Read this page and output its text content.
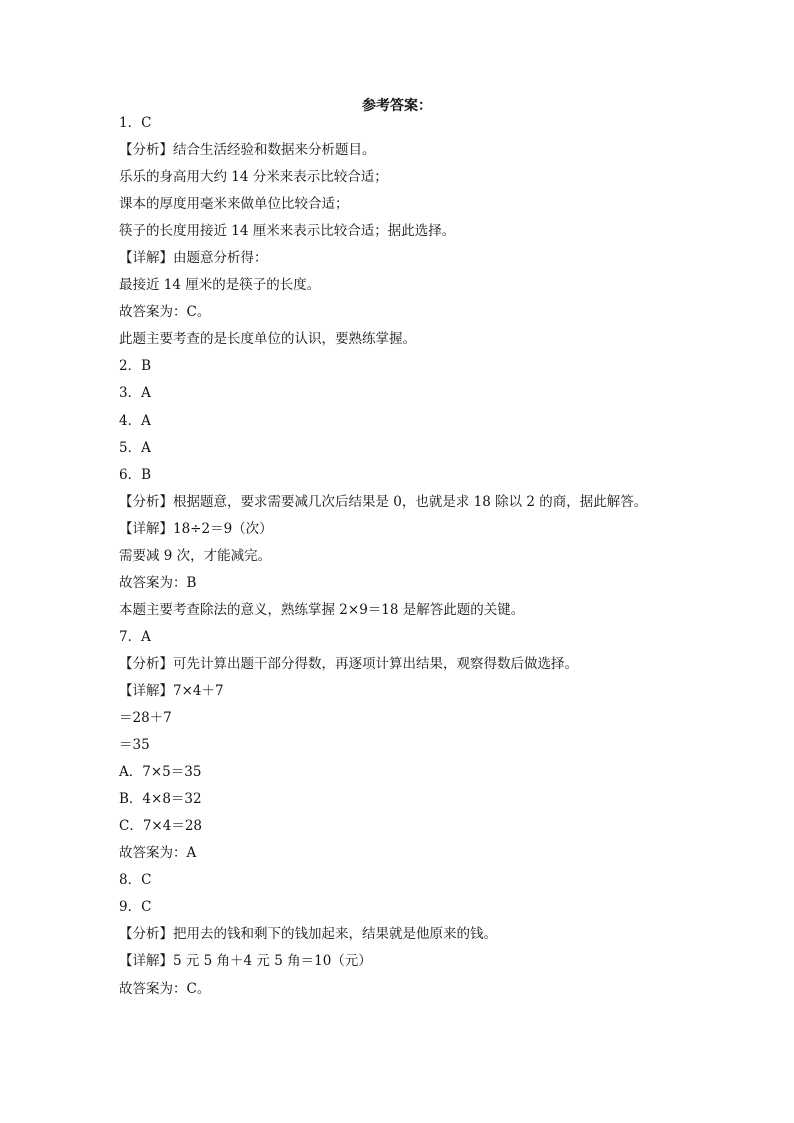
参考答案：
1．C
【分析】结合生活经验和数据来分析题目。
乐乐的身高用大约 14 分米来表示比较合适；
课本的厚度用毫米来做单位比较合适；
筷子的长度用接近 14 厘米来表示比较合适；据此选择。
【详解】由题意分析得：
最接近 14 厘米的是筷子的长度。
故答案为：C。
此题主要考查的是长度单位的认识，要熟练掌握。
2．B
3．A
4．A
5．A
6．B
【分析】根据题意，要求需要减几次后结果是 0，也就是求 18 除以 2 的商，据此解答。
【详解】18÷2＝9（次）
需要减 9 次，才能减完。
故答案为：B
本题主要考查除法的意义，熟练掌握 2×9＝18 是解答此题的关键。
7．A
【分析】可先计算出题干部分得数，再逐项计算出结果，观察得数后做选择。
【详解】7×4＋7
＝28＋7
＝35
A．7×5＝35
B．4×8＝32
C．7×4＝28
故答案为：A
8．C
9．C
【分析】把用去的钱和剩下的钱加起来，结果就是他原来的钱。
【详解】5 元 5 角＋4 元 5 角＝10（元）
故答案为：C。
